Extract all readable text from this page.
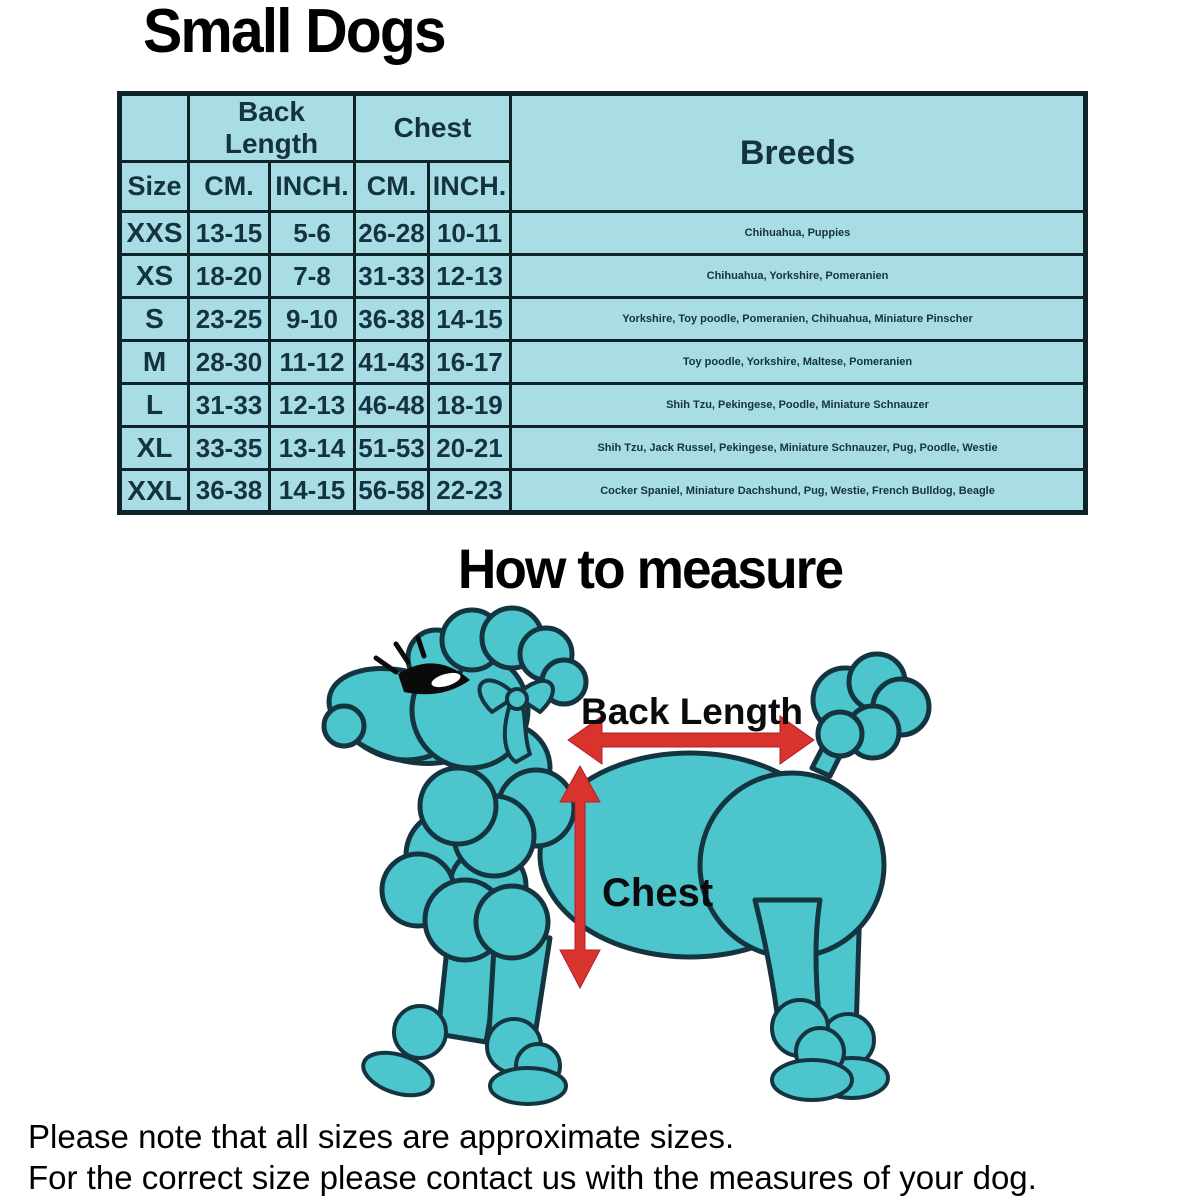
Small Dogs
	Back Length		Chest		Breeds
Size	CM.	INCH.	CM.	INCH.	
XXS	13-15	5-6	26-28	10-11	Chihuahua, Puppies
XS	18-20	7-8	31-33	12-13	Chihuahua, Yorkshire, Pomeranien
S	23-25	9-10	36-38	14-15	Yorkshire, Toy poodle, Pomeranien, Chihuahua, Miniature Pinscher
M	28-30	11-12	41-43	16-17	Toy poodle, Yorkshire, Maltese, Pomeranien
L	31-33	12-13	46-48	18-19	Shih Tzu, Pekingese, Poodle, Miniature Schnauzer
XL	33-35	13-14	51-53	20-21	Shih Tzu, Jack Russel, Pekingese, Miniature Schnauzer, Pug, Poodle, Westie
XXL	36-38	14-15	56-58	22-23	Cocker Spaniel, Miniature Dachshund, Pug, Westie, French Bulldog, Beagle
How to measure
Back Length
Chest
Please note that all sizes are approximate sizes.
For the correct size please contact us with the measures of your dog.
